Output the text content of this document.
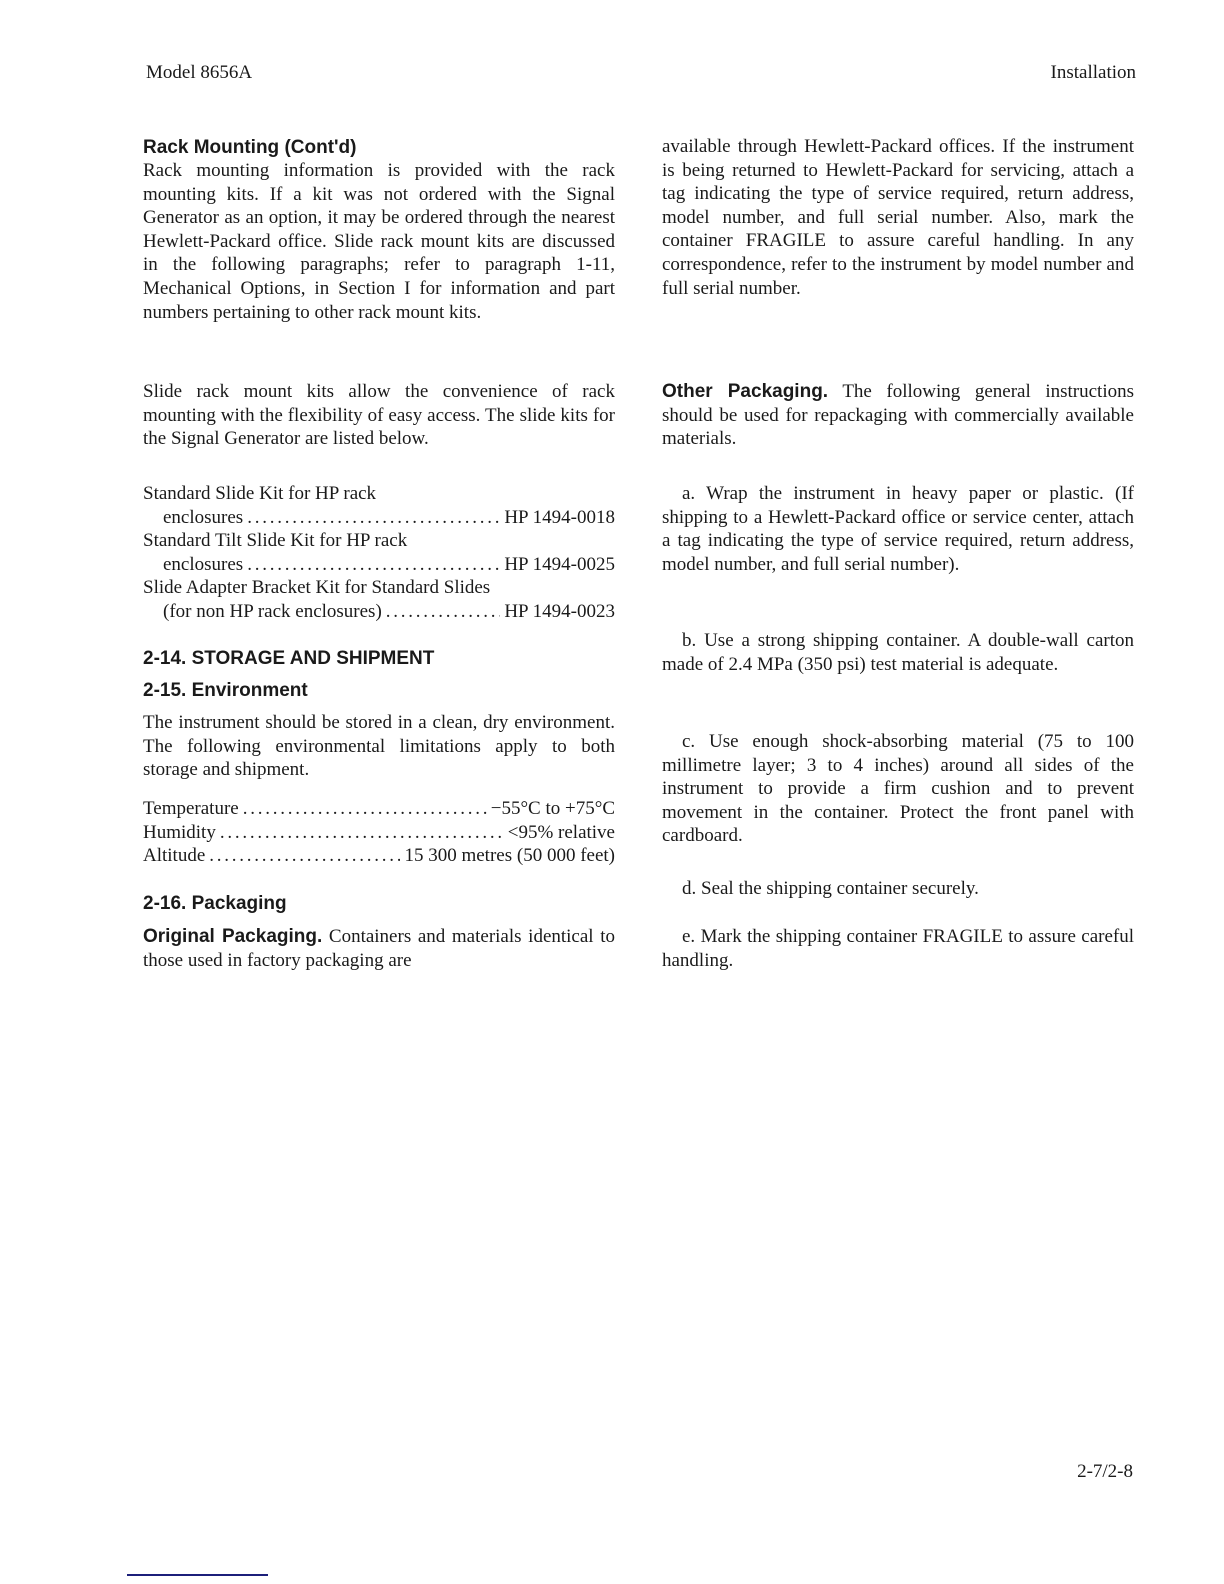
Model 8656A	Installation
Rack Mounting (Cont'd)

Rack mounting information is provided with the rack mounting kits. If a kit was not ordered with the Signal Generator as an option, it may be ordered through the nearest Hewlett-Packard office. Slide rack mount kits are discussed in the following paragraphs; refer to paragraph 1-11, Mechanical Options, in Section I for information and part numbers pertaining to other rack mount kits.

Slide rack mount kits allow the convenience of rack mounting with the flexibility of easy access. The slide kits for the Signal Generator are listed below.

Standard Slide Kit for HP rack
enclosures . . .	HP 1494-0018
Standard Tilt Slide Kit for HP rack
enclosures . . .	HP 1494-0025
Slide Adapter Bracket Kit for Standard Slides
(for non HP rack enclosures) . . .	HP 1494-0023
2-14. STORAGE AND SHIPMENT
2-15. Environment

The instrument should be stored in a clean, dry environment. The following environmental limitations apply to both storage and shipment.

Temperature . . .	−55°C to +75°C
Humidity . . .	<95% relative
Altitude . . .	15 300 metres (50 000 feet)
2-16. Packaging

Original Packaging. Containers and materials identical to those used in factory packaging are

available through Hewlett-Packard offices. If the instrument is being returned to Hewlett-Packard for servicing, attach a tag indicating the type of service required, return address, model number, and full serial number. Also, mark the container FRAGILE to assure careful handling. In any correspondence, refer to the instrument by model number and full serial number.

Other Packaging. The following general instructions should be used for repackaging with commercially available materials.

a. Wrap the instrument in heavy paper or plastic. (If shipping to a Hewlett-Packard office or service center, attach a tag indicating the type of service required, return address, model number, and full serial number).

b. Use a strong shipping container. A double-wall carton made of 2.4 MPa (350 psi) test material is adequate.

c. Use enough shock-absorbing material (75 to 100 millimetre layer; 3 to 4 inches) around all sides of the instrument to provide a firm cushion and to prevent movement in the container. Protect the front panel with cardboard.

d. Seal the shipping container securely.

e. Mark the shipping container FRAGILE to assure careful handling.

2-7/2-8
